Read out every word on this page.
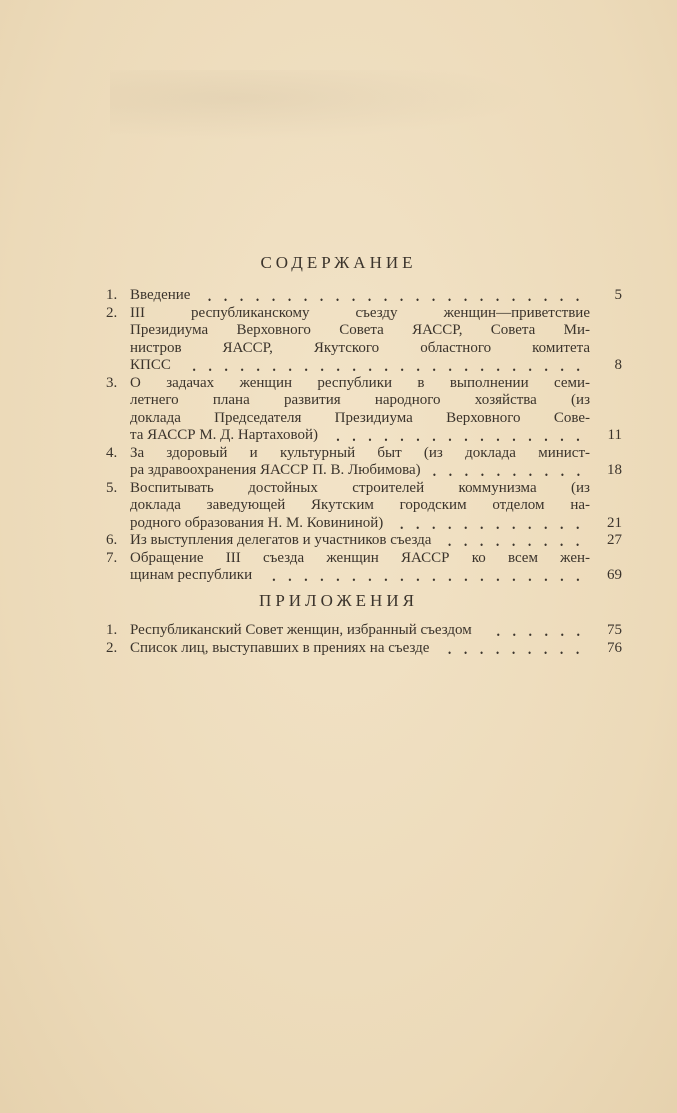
СОДЕРЖАНИЕ
1. Введение	5
2. III республиканскому съезду женщин—приветствие
Президиума Верховного Совета ЯАССР, Совета Ми-
нистров ЯАССР, Якутского областного комитета
КПСС	8
3. О задачах женщин республики в выполнении семи-
летнего плана развития народного хозяйства (из
доклада Председателя Президиума Верховного Сове-
та ЯАССР М. Д. Нартаховой)	11
4. За здоровый и культурный быт (из доклада минист-
ра здравоохранения ЯАССР П. В. Любимова)	18
5. Воспитывать достойных строителей коммунизма (из
доклада заведующей Якутским городским отделом на-
родного образования Н. М. Ковининой)	21
6. Из выступления делегатов и участников съезда	27
7. Обращение III съезда женщин ЯАССР ко всем жен-
щинам республики	69
ПРИЛОЖЕНИЯ
1. Республиканский Совет женщин, избранный съездом	75
2. Список лиц, выступавших в прениях на съезде	76
